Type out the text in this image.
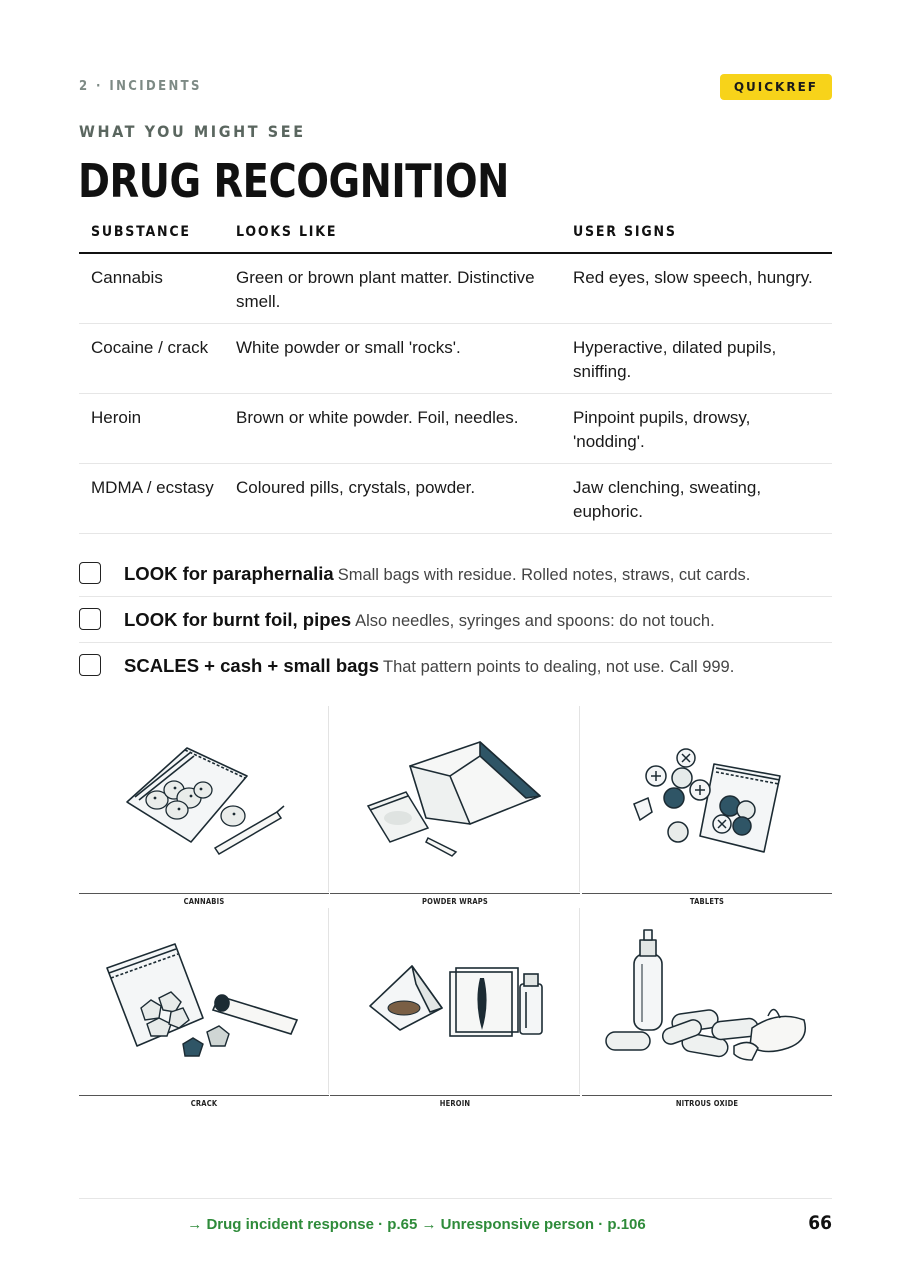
2 · INCIDENTS	QUICKREF
WHAT YOU MIGHT SEE
DRUG RECOGNITION
SUBSTANCE	LOOKS LIKE	USER SIGNS
Cannabis	Green or brown plant matter. Distinctive smell.	Red eyes, slow speech, hungry.
Cocaine / crack	White powder or small 'rocks'.	Hyperactive, dilated pupils, sniffing.
Heroin	Brown or white powder. Foil, needles.	Pinpoint pupils, drowsy, 'nodding'.
MDMA / ecstasy	Coloured pills, crystals, powder.	Jaw clenching, sweating, euphoric.
LOOK for paraphernalia Small bags with residue. Rolled notes, straws, cut cards.
LOOK for burnt foil, pipes Also needles, syringes and spoons: do not touch.
SCALES + cash + small bags That pattern points to dealing, not use. Call 999.
CANNABIS	POWDER WRAPS	TABLETS
CRACK	HEROIN	NITROUS OXIDE
→ Drug incident response · p.65 → Unresponsive person · p.106	66
